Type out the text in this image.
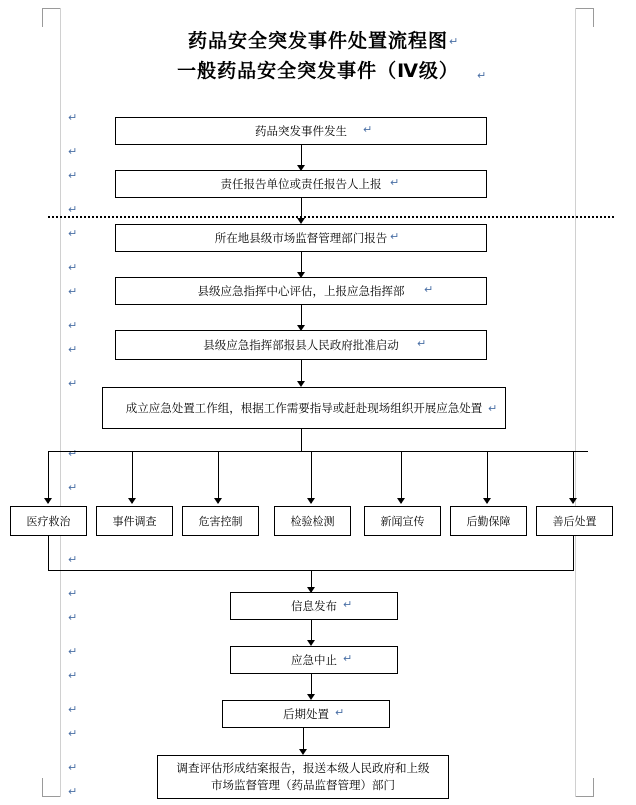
药品安全突发事件处置流程图
一般药品安全突发事件（Ⅳ级）
↵
↵
↵
↵
↵
↵
↵
↵
↵
↵
↵
↵
↵
↵
↵
↵
↵
↵
↵
↵
↵
↵
↵
药品突发事件发生 ↵
责任报告单位或责任报告人上报 ↵
所在地县级市场监督管理部门报告 ↵
县级应急指挥中心评估，上报应急指挥部 ↵
县级应急指挥部报县人民政府批准启动 ↵
成立应急处置工作组，根据工作需要指导或赶赴现场组织开展应急处置 ↵
医疗救治	事件调查	危害控制	检验检测	新闻宣传	后勤保障	善后处置
信息发布 ↵
应急中止 ↵
后期处置 ↵
调查评估形成结案报告，报送本级人民政府和上级
市场监督管理（药品监督管理）部门
